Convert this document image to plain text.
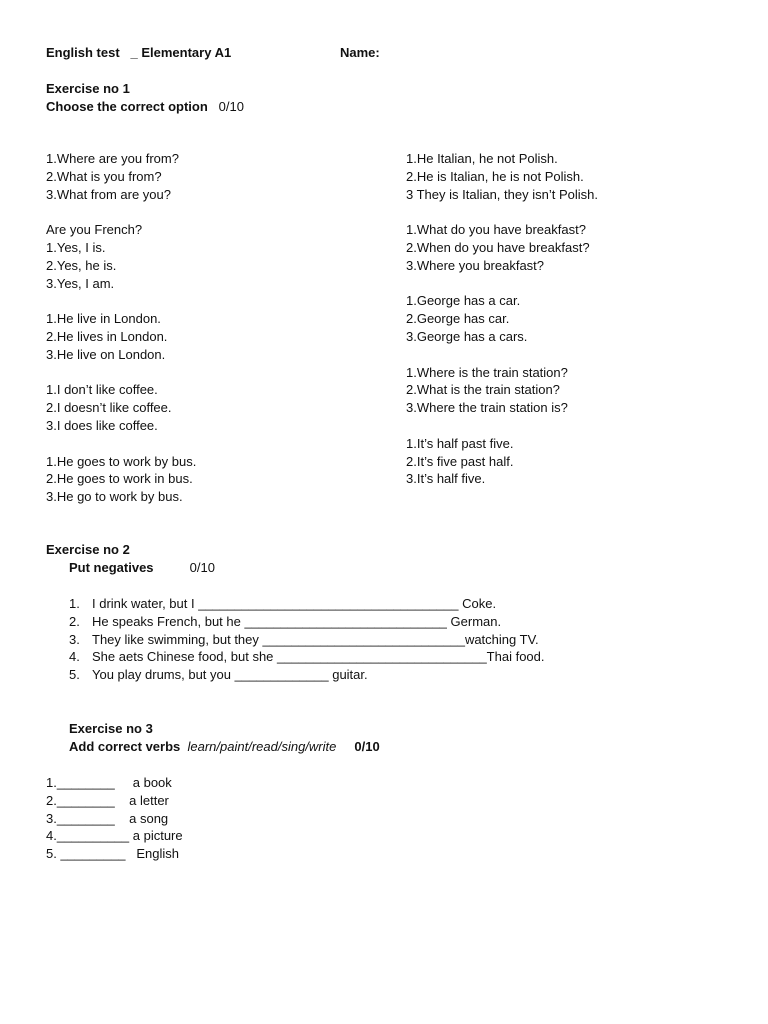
English test   _ Elementary A1	Name:
Exercise no 1
Choose the correct option 0/10
1.Where are you from?
2.What is you from?
3.What from are you?
Are you French?
1.Yes, I is.
2.Yes, he is.
3.Yes, I am.
1.He live in London.
2.He lives in London.
3.He live on London.
1.I don’t like coffee.
2.I doesn’t like coffee.
3.I does like coffee.
1.He goes to work by bus.
2.He goes to work in bus.
3.He go to work by bus.
1.He Italian, he not Polish.
2.He is Italian, he is not Polish.
3 They is Italian, they isn’t Polish.
1.What do you have breakfast?
2.When do you have breakfast?
3.Where you breakfast?
1.George has a car.
2.George has car.
3.George has a cars.
1.Where is the train station?
2.What is the train station?
3.Where the train station is?
1.It’s half past five.
2.It’s five past half.
3.It’s half five.
Exercise no 2
Put negatives	0/10
1. I drink water, but I ____________________________________ Coke.
2. He speaks French, but he ____________________________ German.
3. They like swimming, but they ____________________________watching TV.
4. She aets Chinese food, but she _____________________________Thai food.
5. You play drums, but you _____________ guitar.
Exercise no 3
Add correct verbs learn/paint/read/sing/write 0/10
1.________     a book
2.________    a letter
3.________    a song
4.__________ a picture
5. _________   English
